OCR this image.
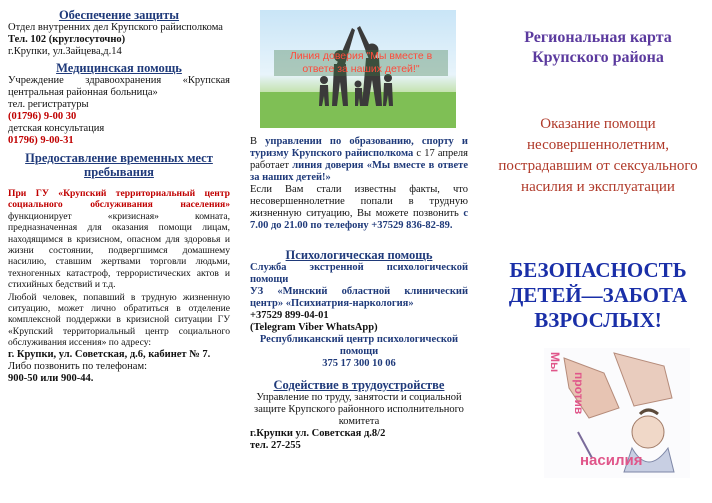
Обеспечение защиты

Отдел внутренних дел Крупского райисполкома

Тел. 102 (круглосуточно)

г.Крупки, ул.Зайцева,д.14

Медицинская помощь

Учреждение здравоохранения «Крупская центральная районная больница»

тел. регистратуры

(01796) 9-00 30

детская консультация

01796) 9-00-31

Предоставление временных мест пребывания

При ГУ «Крупский территориальный центр социального обслуживания населения» функционирует «кризисная» комната, предназначенная для оказания помощи лицам, находящимся в кризисном, опасном для здоровья и жизни состоянии, подвергшимся домашнему насилию, ставшим жертвами торговли людьми, техногенных катастроф, террористических актов и стихийных бедствий и т.д.

Любой человек, попавший в трудную жизненную ситуацию, может лично обратиться в отделение комплексной поддержки в кризисной ситуации ГУ «Крупский территориальный центр социального обслуживания иcсения» по адресу:

г. Крупки, ул. Советская, д.6, кабинет № 7.

Либо позвонить по телефонам:

900-50 или 900-44.

Линия доверия "Мы вместе в ответе за наших детей!"

В управлении по образованию, спорту и туризму Крупского райисполкома с 17 апреля работает линия доверия «Мы вместе в ответе за наших детей!»

Если Вам стали известны факты, что несовершеннолетние попали в трудную жизненную ситуацию, Вы можете позвонить с 7.00 до 21.00 по телефону +37529 836-82-89.

Психологическая помощь

Служба экстренной психологической помощи

УЗ «Минский областной клинический центр» «Психиатрия-наркология»

+37529 899-04-01

(Telegram Viber WhatsApp)

Республиканский центр психологической помощи

375 17 300 10 06

Содействие в трудоустройстве

Управление по труду, занятости и социальной защите Крупского районного исполнительного комитета

г.Крупки ул. Советская д.8/2

тел. 27-255

Региональная карта Крупского района

Оказание помощи несовершеннолетним, пострадавшим от сексуального насилия и эксплуатации

БЕЗОПАСНОСТЬ ДЕТЕЙ—ЗАБОТА ВЗРОСЛЫХ!

Мы
против
насилия
